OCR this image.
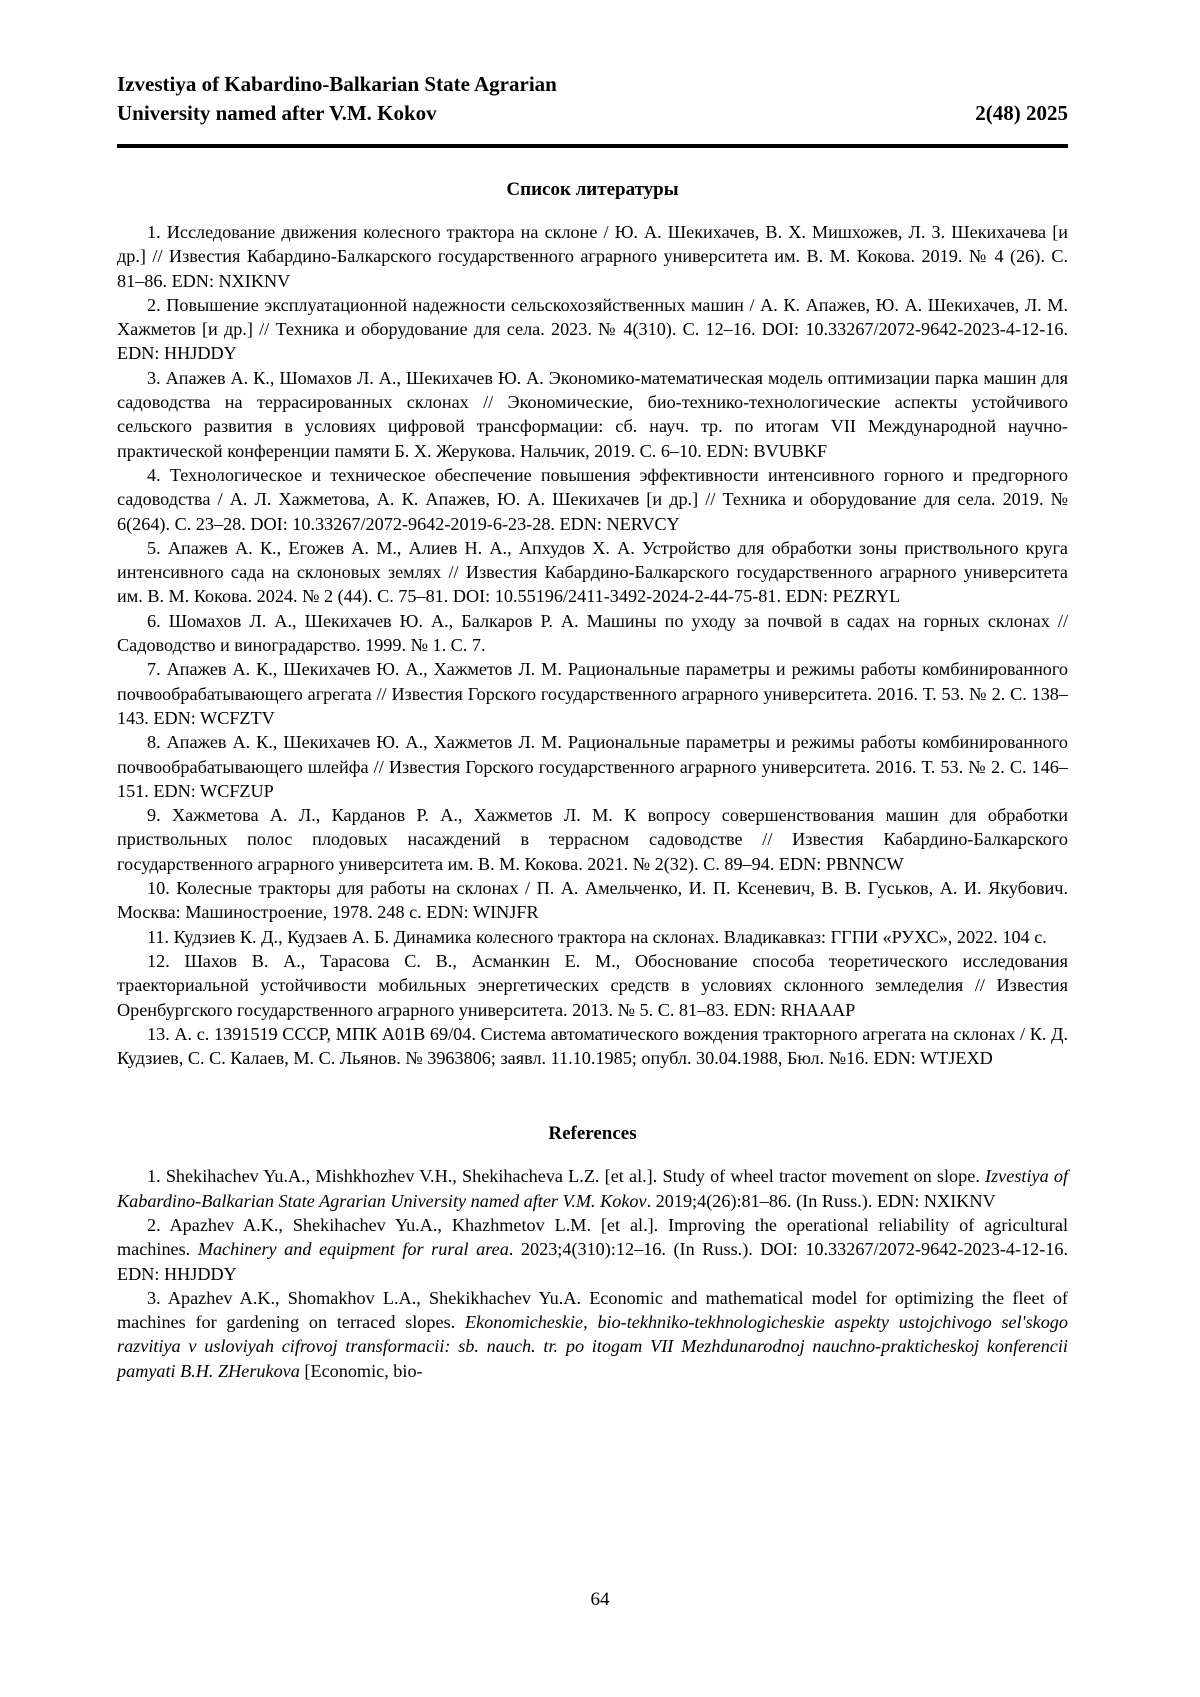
Izvestiya of Kabardino-Balkarian State Agrarian

University named after V.M. Kokov	2(48) 2025
Список литературы
1. Исследование движения колесного трактора на склоне / Ю. А. Шекихачев, В. Х. Мишхожев, Л. З. Шекихачева [и др.] // Известия Кабардино-Балкарского государственного аграрного университета им. В. М. Кокова. 2019. № 4 (26). С. 81–86. EDN: NXIKNV
2. Повышение эксплуатационной надежности сельскохозяйственных машин / А. К. Апажев, Ю. А. Шекихачев, Л. М. Хажметов [и др.] // Техника и оборудование для села. 2023. № 4(310). С. 12–16. DOI: 10.33267/2072-9642-2023-4-12-16. EDN: HHJDDY
3. Апажев А. К., Шомахов Л. А., Шекихачев Ю. А. Экономико-математическая модель оптимизации парка машин для садоводства на террасированных склонах // Экономические, био-технико-технологические аспекты устойчивого сельского развития в условиях цифровой трансформации: сб. науч. тр. по итогам VII Международной научно-практической конференции памяти Б. Х. Жерукова. Нальчик, 2019. С. 6–10. EDN: BVUBKF
4. Технологическое и техническое обеспечение повышения эффективности интенсивного горного и предгорного садоводства / А. Л. Хажметова, А. К. Апажев, Ю. А. Шекихачев [и др.] // Техника и оборудование для села. 2019. № 6(264). С. 23–28. DOI: 10.33267/2072-9642-2019-6-23-28. EDN: NERVCY
5. Апажев А. К., Егожев А. М., Алиев Н. А., Апхудов Х. А. Устройство для обработки зоны приствольного круга интенсивного сада на склоновых землях // Известия Кабардино-Балкарского государственного аграрного университета им. В. М. Кокова. 2024. № 2 (44). С. 75–81. DOI: 10.55196/2411-3492-2024-2-44-75-81. EDN: PEZRYL
6. Шомахов Л. А., Шекихачев Ю. А., Балкаров Р. А. Машины по уходу за почвой в садах на горных склонах // Садоводство и виноградарство. 1999. № 1. С. 7.
7. Апажев А. К., Шекихачев Ю. А., Хажметов Л. М. Рациональные параметры и режимы работы комбинированного почвообрабатывающего агрегата // Известия Горского государственного аграрного университета. 2016. Т. 53. № 2. С. 138–143. EDN: WCFZTV
8. Апажев А. К., Шекихачев Ю. А., Хажметов Л. М. Рациональные параметры и режимы работы комбинированного почвообрабатывающего шлейфа // Известия Горского государственного аграрного университета. 2016. Т. 53. № 2. С. 146–151. EDN: WCFZUP
9. Хажметова А. Л., Карданов Р. А., Хажметов Л. М. К вопросу совершенствования машин для обработки приствольных полос плодовых насаждений в террасном садоводстве // Известия Кабардино-Балкарского государственного аграрного университета им. В. М. Кокова. 2021. № 2(32). С. 89–94. EDN: PBNNCW
10. Колесные тракторы для работы на склонах / П. А. Амельченко, И. П. Ксеневич, В. В. Гуськов, А. И. Якубович. Москва: Машиностроение, 1978. 248 с. EDN: WINJFR
11. Кудзиев К. Д., Кудзаев А. Б. Динамика колесного трактора на склонах. Владикавказ: ГГПИ «РУХС», 2022. 104 с.
12. Шахов В. А., Тарасова С. В., Асманкин Е. М., Обоснование способа теоретического исследования траекториальной устойчивости мобильных энергетических средств в условиях склонного земледелия // Известия Оренбургского государственного аграрного университета. 2013. № 5. С. 81–83. EDN: RHAAAP
13. А. с. 1391519 СССР, МПК A01B 69/04. Система автоматического вождения тракторного агрегата на склонах / К. Д. Кудзиев, С. С. Калаев, М. С. Льянов. № 3963806; заявл. 11.10.1985; опубл. 30.04.1988, Бюл. №16. EDN: WTJEXD
References
1. Shekihachev Yu.A., Mishkhozhev V.H., Shekihacheva L.Z. [et al.]. Study of wheel tractor movement on slope. Izvestiya of Kabardino-Balkarian State Agrarian University named after V.M. Kokov. 2019;4(26):81–86. (In Russ.). EDN: NXIKNV
2. Apazhev A.K., Shekihachev Yu.A., Khazhmetov L.M. [et al.]. Improving the operational reliability of agricultural machines. Machinery and equipment for rural area. 2023;4(310):12–16. (In Russ.). DOI: 10.33267/2072-9642-2023-4-12-16. EDN: HHJDDY
3. Apazhev A.K., Shomakhov L.A., Shekikhachev Yu.A. Economic and mathematical model for optimizing the fleet of machines for gardening on terraced slopes. Ekonomicheskie, bio-tekhniko-tekhnologicheskie aspekty ustojchivogo sel'skogo razvitiya v usloviyah cifrovoj transformacii: sb. nauch. tr. po itogam VII Mezhdunarodnoj nauchno-prakticheskoj konferencii pamyati B.H. ZHerukova [Economic, bio-
64
